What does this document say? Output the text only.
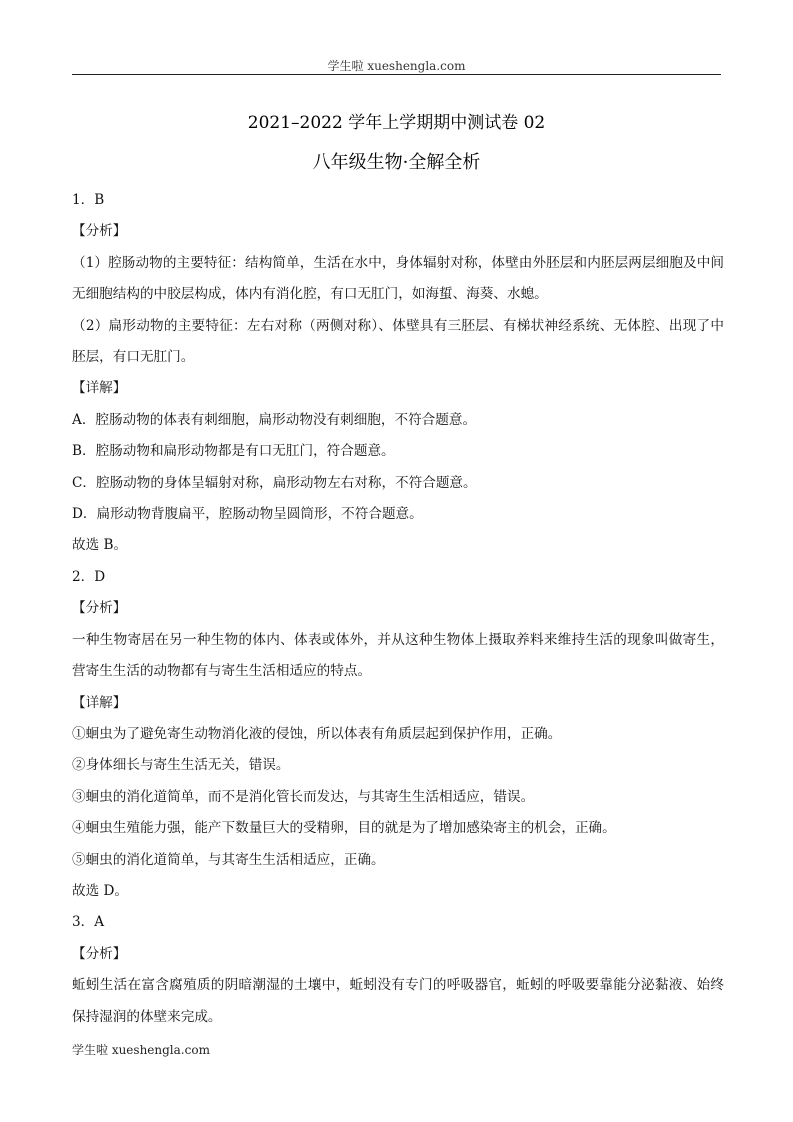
学生啦 xueshengla.com
2021–2022 学年上学期期中测试卷 02
八年级生物·全解全析

1．B

【分析】

（1）腔肠动物的主要特征：结构简单，生活在水中，身体辐射对称，体壁由外胚层和内胚层两层细胞及中间无细胞结构的中胶层构成，体内有消化腔，有口无肛门，如海蜇、海葵、水螅。

（2）扁形动物的主要特征：左右对称（两侧对称）、体壁具有三胚层、有梯状神经系统、无体腔、出现了中胚层，有口无肛门。

【详解】

A．腔肠动物的体表有刺细胞，扁形动物没有刺细胞，不符合题意。

B．腔肠动物和扁形动物都是有口无肛门，符合题意。

C．腔肠动物的身体呈辐射对称，扁形动物左右对称，不符合题意。

D．扁形动物背腹扁平，腔肠动物呈圆筒形，不符合题意。

故选 B。

2．D

【分析】

一种生物寄居在另一种生物的体内、体表或体外，并从这种生物体上摄取养料来维持生活的现象叫做寄生，营寄生生活的动物都有与寄生生活相适应的特点。

【详解】

①蛔虫为了避免寄生动物消化液的侵蚀，所以体表有角质层起到保护作用，正确。

②身体细长与寄生生活无关，错误。

③蛔虫的消化道简单，而不是消化管长而发达，与其寄生生活相适应，错误。

④蛔虫生殖能力强，能产下数量巨大的受精卵，目的就是为了增加感染寄主的机会，正确。

⑤蛔虫的消化道简单，与其寄生生活相适应，正确。

故选 D。

3．A

【分析】

蚯蚓生活在富含腐殖质的阴暗潮湿的土壤中，蚯蚓没有专门的呼吸器官，蚯蚓的呼吸要靠能分泌黏液、始终保持湿润的体壁来完成。

学生啦 xueshengla.com
